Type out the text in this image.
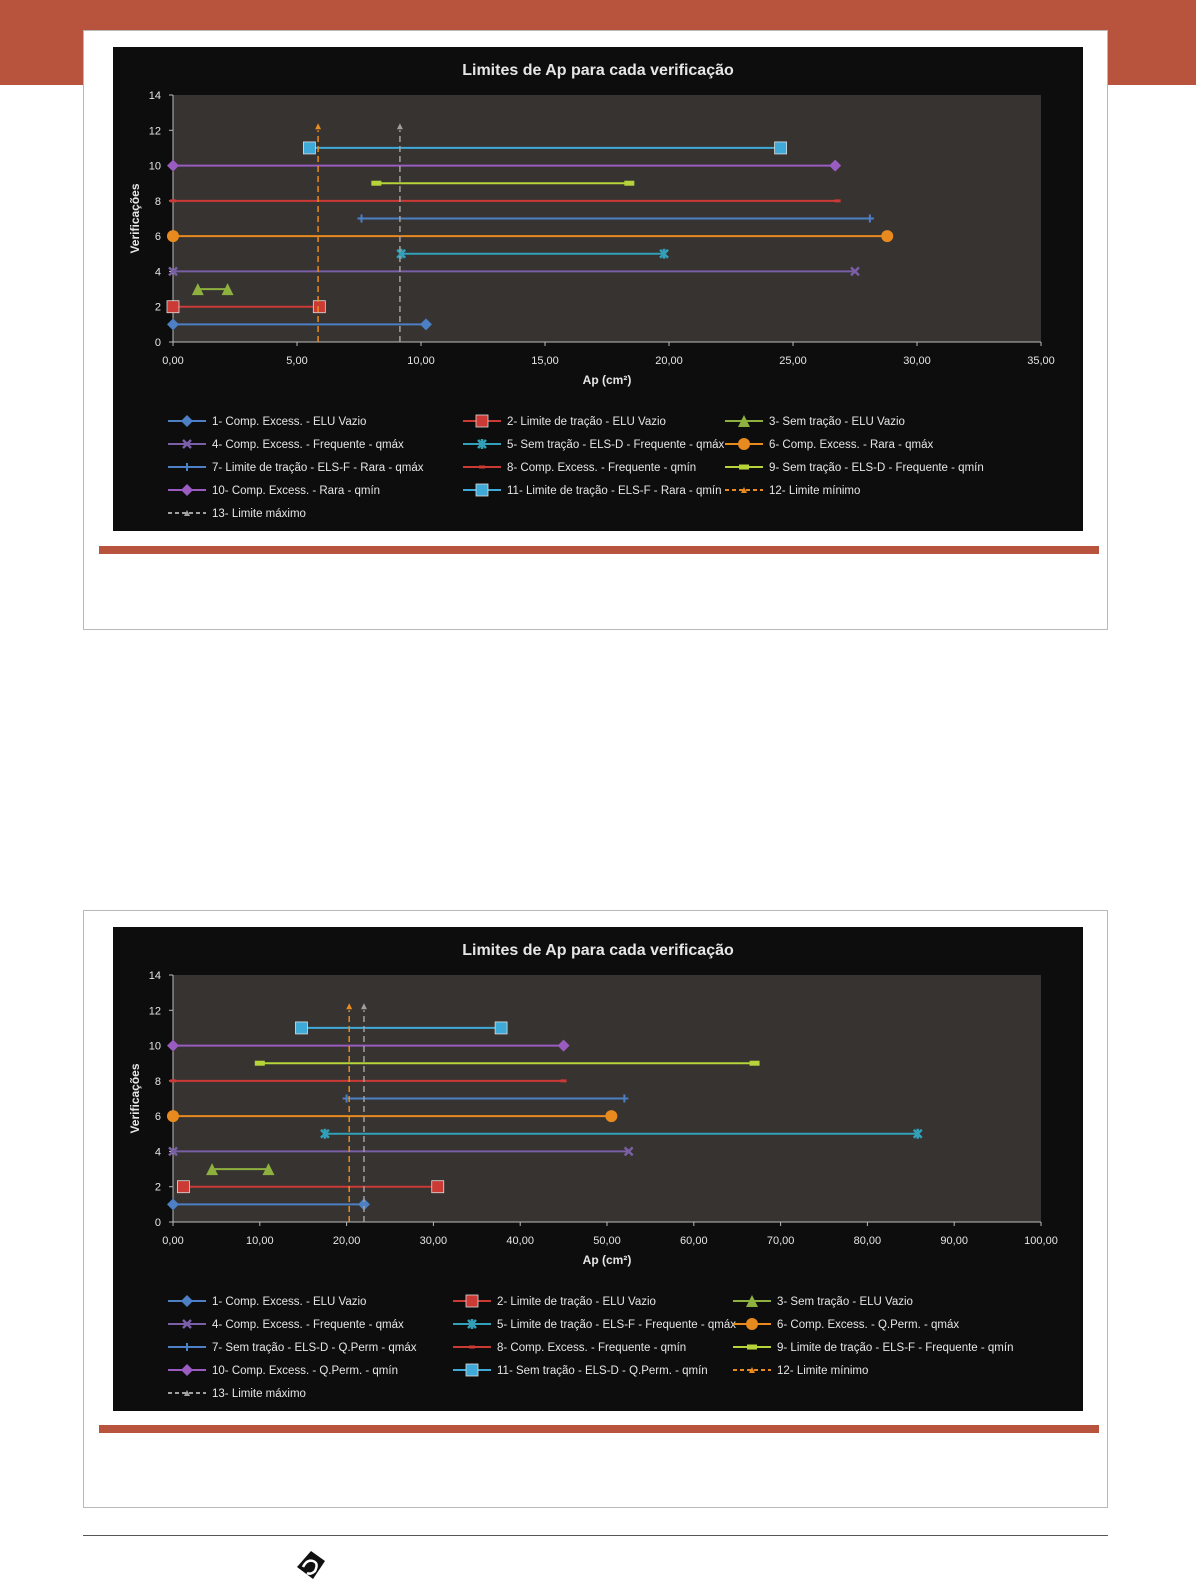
Limites de Ap para cada verificação
0
2
4
6
8
10
12
14
0,00	5,00	10,00	15,00	20,00	25,00	30,00	35,00
Ap (cm²)
Verificações
1- Comp. Excess. - ELU Vazio	2- Limite de tração - ELU Vazio	3- Sem tração - ELU Vazio
4- Comp. Excess. - Frequente - qmáx	5- Sem tração - ELS-D - Frequente - qmáx	6- Comp. Excess. - Rara - qmáx
7- Limite de tração - ELS-F - Rara - qmáx	8- Comp. Excess. - Frequente - qmín	9- Sem tração - ELS-D - Frequente - qmín
10- Comp. Excess. - Rara - qmín	11- Limite de tração - ELS-F - Rara - qmín	12- Limite mínimo
13- Limite máximo
Limites de Ap para cada verificação
0
2
4
6
8
10
12
14
0,00	10,00	20,00	30,00	40,00	50,00	60,00	70,00	80,00	90,00	100,00
Ap (cm²)
Verificações
1- Comp. Excess. - ELU Vazio	2- Limite de tração - ELU Vazio	3- Sem tração - ELU Vazio
4- Comp. Excess. - Frequente - qmáx	5- Limite de tração - ELS-F - Frequente - qmáx	6- Comp. Excess. - Q.Perm. - qmáx
7- Sem tração - ELS-D - Q.Perm - qmáx	8- Comp. Excess. - Frequente - qmín	9- Limite de tração - ELS-F - Frequente - qmín
10- Comp. Excess. - Q.Perm. - qmín	11- Sem tração - ELS-D - Q.Perm. - qmín	12- Limite mínimo
13- Limite máximo
